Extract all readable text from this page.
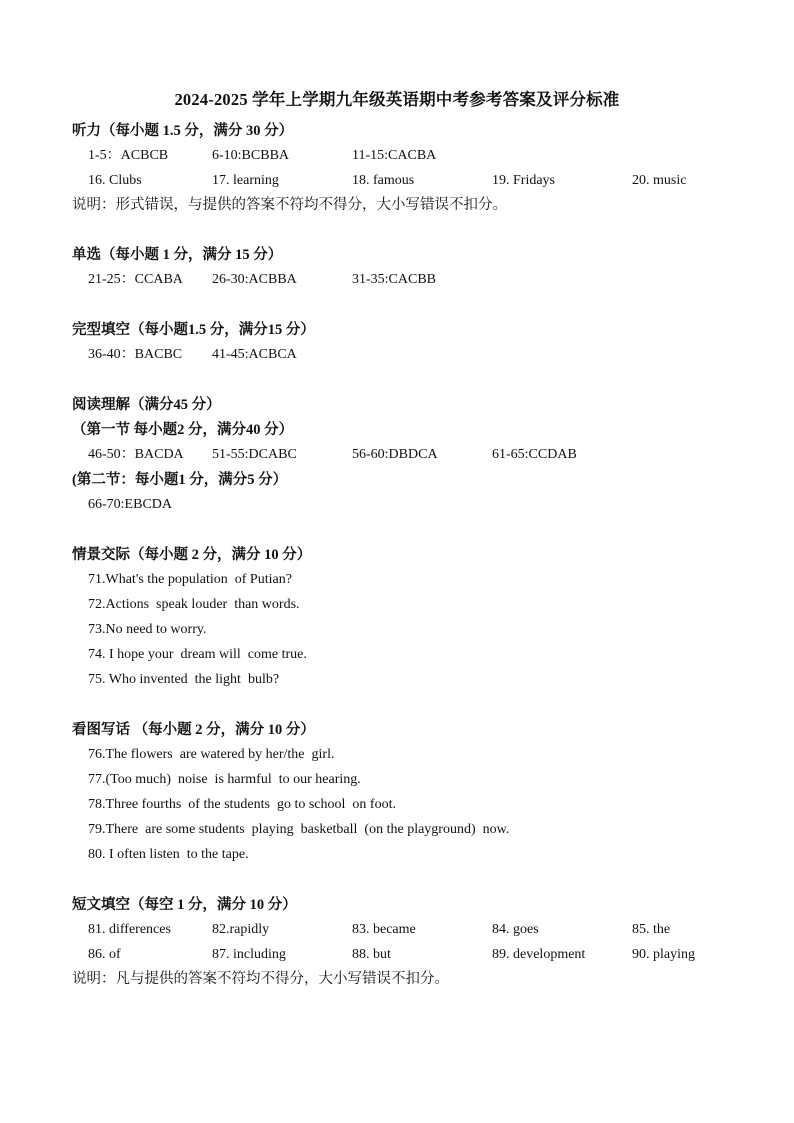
2024-2025 学年上学期九年级英语期中考参考答案及评分标准
听力（每小题 1.5 分，满分 30 分）
1-5：ACBCB	6-10:BCBBA	11-15:CACBA
16. Clubs	17. learning	18. famous	19. Fridays	20. music
说明：形式错误，与提供的答案不符均不得分，大小写错误不扣分。
单选（每小题 1 分，满分 15 分）
21-25：CCABA 26-30:ACBBA	31-35:CACBB
完型填空（每小题1.5 分，满分15 分）
36-40：BACBC 41-45:ACBCA
阅读理解（满分45 分）
（第一节 每小题2 分，满分40 分）
46-50：BACDA 51-55:DCABC	56-60:DBDCA	61-65:CCDAB
(第二节：每小题1 分，满分5 分）
66-70:EBCDA
情景交际（每小题 2 分，满分 10 分）
71.What's the population  of Putian?
72.Actions  speak louder  than words.
73.No need to worry.
74. I hope your  dream will  come true.
75. Who invented  the light  bulb?
看图写话 （每小题 2 分，满分 10 分）
76.The flowers  are watered by her/the  girl.
77.(Too much)  noise  is harmful  to our hearing.
78.Three fourths  of the students  go to school  on foot.
79.There  are some students  playing  basketball  (on the playground)  now.
80. I often listen  to the tape.
短文填空（每空 1 分，满分 10 分）
81. differences	82.rapidly	83. became	84. goes	85. the
86. of	87. including	88. but	89. development	90. playing
说明：凡与提供的答案不符均不得分，大小写错误不扣分。
